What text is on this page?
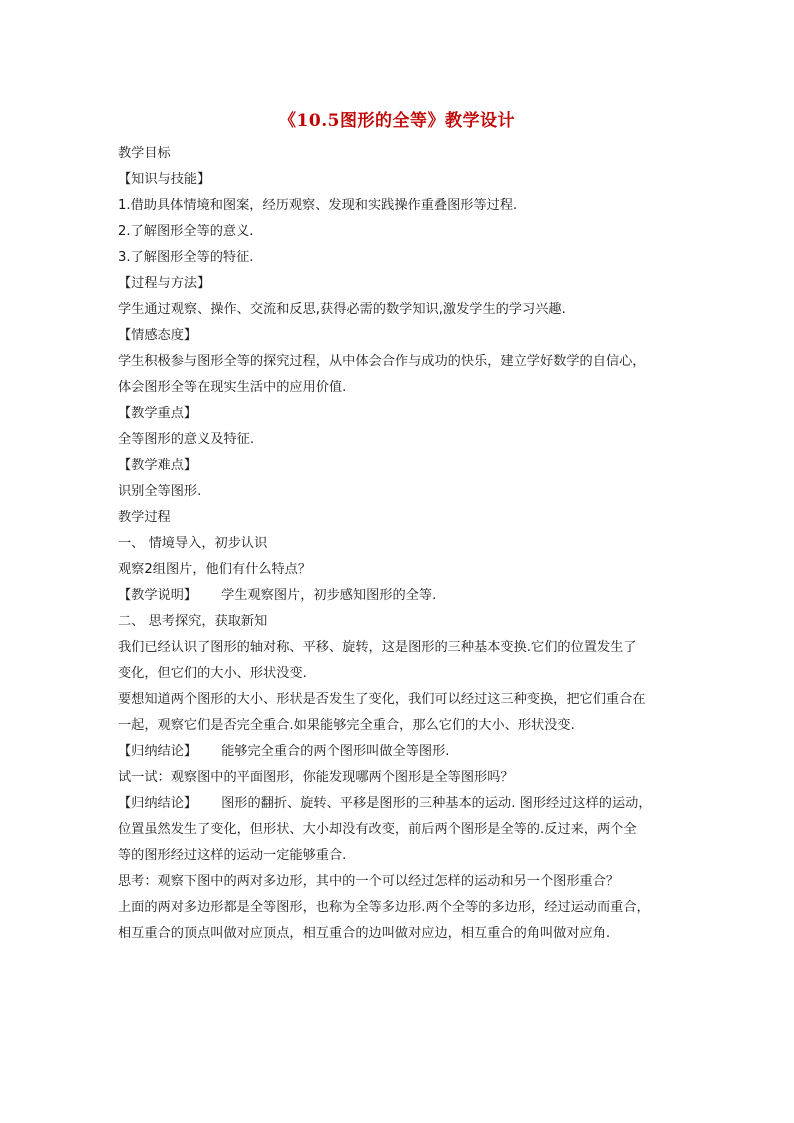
《10.5图形的全等》教学设计
教学目标
【知识与技能】
1.借助具体情境和图案，经历观察、发现和实践操作重叠图形等过程.
2.了解图形全等的意义.
3.了解图形全等的特征.
【过程与方法】
学生通过观察、操作、交流和反思,获得必需的数学知识,激发学生的学习兴趣.
【情感态度】
学生积极参与图形全等的探究过程，从中体会合作与成功的快乐，建立学好数学的自信心，
体会图形全等在现实生活中的应用价值.
【教学重点】
全等图形的意义及特征.
【教学难点】
识别全等图形.
教学过程
一、 情境导入，初步认识
观察2组图片，他们有什么特点？
【教学说明】 学生观察图片，初步感知图形的全等.
二、 思考探究，获取新知
我们已经认识了图形的轴对称、平移、旋转，这是图形的三种基本变换.它们的位置发生了
变化，但它们的大小、形状没变.
要想知道两个图形的大小、形状是否发生了变化，我们可以经过这三种变换，把它们重合在
一起，观察它们是否完全重合.如果能够完全重合，那么它们的大小、形状没变.
【归纳结论】 能够完全重合的两个图形叫做全等图形.
试一试：观察图中的平面图形，你能发现哪两个图形是全等图形吗？
【归纳结论】 图形的翻折、旋转、平移是图形的三种基本的运动. 图形经过这样的运动，
位置虽然发生了变化，但形状、大小却没有改变，前后两个图形是全等的.反过来，两个全
等的图形经过这样的运动一定能够重合.
思考：观察下图中的两对多边形，其中的一个可以经过怎样的运动和另一个图形重合？
上面的两对多边形都是全等图形，也称为全等多边形.两个全等的多边形，经过运动而重合，
相互重合的顶点叫做对应顶点，相互重合的边叫做对应边，相互重合的角叫做对应角.
